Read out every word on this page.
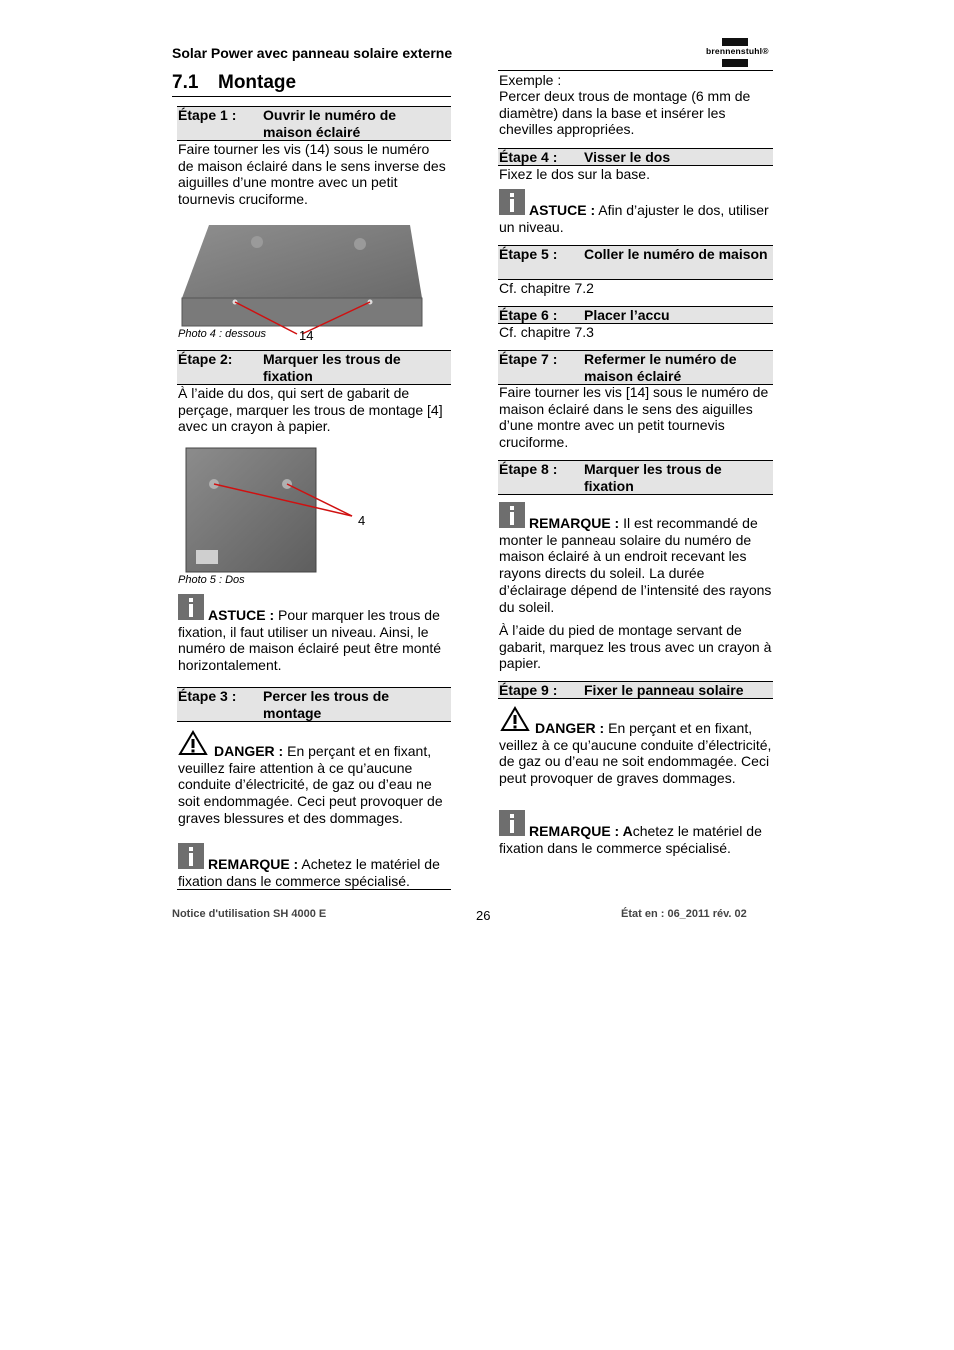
Solar Power avec panneau solaire externe	brennenstuhl®
7.1 Montage
Étape 1 : Ouvrir le numéro de maison éclairé
Faire tourner les vis (14) sous le numéro de maison éclairé dans le sens inverse des aiguilles d’une montre avec un petit tournevis cruciforme.
14
Photo 4 : dessous
Étape 2: Marquer les trous de fixation
À l’aide du dos, qui sert de gabarit de perçage, marquer les trous de montage [4] avec un crayon à papier.
4
Photo 5 : Dos
ASTUCE : Pour marquer les trous de fixation, il faut utiliser un niveau. Ainsi, le numéro de maison éclairé peut être monté horizontalement.
Étape 3 : Percer les trous de montage
DANGER : En perçant et en fixant, veuillez faire attention à ce qu’aucune conduite d’électricité, de gaz ou d’eau ne soit endommagée. Ceci peut provoquer de graves blessures et des dommages.
REMARQUE : Achetez le matériel de fixation dans le commerce spécialisé.
Exemple :
Percer deux trous de montage (6 mm de diamètre) dans la base et insérer les chevilles appropriées.
Étape 4 : Visser le dos
Fixez le dos sur la base.
ASTUCE : Afin d’ajuster le dos, utiliser un niveau.
Étape 5 : Coller le numéro de maison
Cf. chapitre 7.2
Étape 6 : Placer l’accu
Cf. chapitre 7.3
Étape 7 : Refermer le numéro de maison éclairé
Faire tourner les vis [14] sous le numéro de maison éclairé dans le sens des aiguilles d’une montre avec un petit tournevis cruciforme.
Étape 8 : Marquer les trous de fixation
REMARQUE : Il est recommandé de monter le panneau solaire du numéro de maison éclairé à un endroit recevant les rayons directs du soleil. La durée d’éclairage dépend de l’intensité des rayons du soleil.
À l’aide du pied de montage servant de gabarit, marquez les trous avec un crayon à papier.
Étape 9 : Fixer le panneau solaire
DANGER : En perçant et en fixant, veillez à ce qu’aucune conduite d’électricité, de gaz ou d’eau ne soit endommagée. Ceci peut provoquer de graves dommages.
REMARQUE : Achetez le matériel de fixation dans le commerce spécialisé.
Notice d'utilisation SH 4000 E	26	État en : 06_2011 rév. 02
